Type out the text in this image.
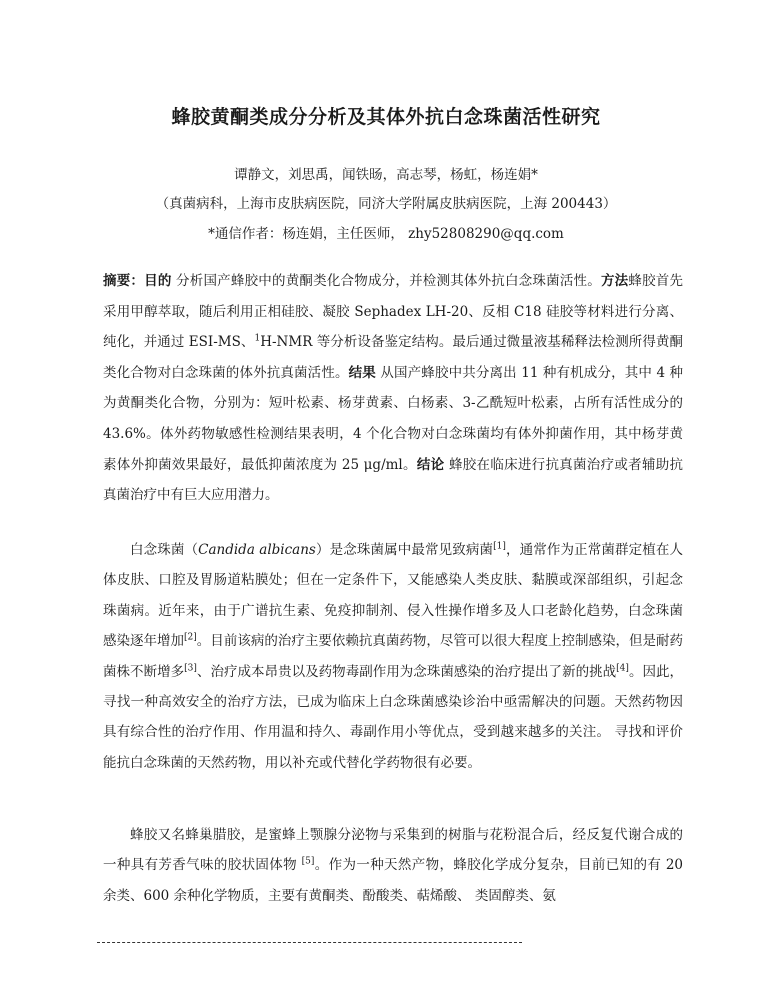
蜂胶黄酮类成分分析及其体外抗白念珠菌活性研究
谭静文，刘思禹，闻铁旸，高志琴，杨虹，杨连娟*
（真菌病科，上海市皮肤病医院，同济大学附属皮肤病医院，上海 200443）
*通信作者：杨连娟，主任医师， zhy52808290@qq.com
摘要：目的 分析国产蜂胶中的黄酮类化合物成分，并检测其体外抗白念珠菌活性。方法蜂胶首先采用甲醇萃取，随后利用正相硅胶、凝胶 Sephadex LH-20、反相 C18 硅胶等材料进行分离、纯化，并通过 ESI-MS、$^1$H-NMR 等分析设备鉴定结构。最后通过微量液基稀释法检测所得黄酮类化合物对白念珠菌的体外抗真菌活性。结果 从国产蜂胶中共分离出 11 种有机成分，其中 4 种为黄酮类化合物，分别为：短叶松素、杨芽黄素、白杨素、3-乙酰短叶松素，占所有活性成分的 43.6%。体外药物敏感性检测结果表明，4 个化合物对白念珠菌均有体外抑菌作用，其中杨芽黄素体外抑菌效果最好，最低抑菌浓度为 25 μg/ml。结论 蜂胶在临床进行抗真菌治疗或者辅助抗真菌治疗中有巨大应用潜力。
白念珠菌（Candida albicans）是念珠菌属中最常见致病菌[1]，通常作为正常菌群定植在人体皮肤、口腔及胃肠道粘膜处；但在一定条件下，又能感染人类皮肤、黏膜或深部组织，引起念珠菌病。近年来，由于广谱抗生素、免疫抑制剂、侵入性操作增多及人口老龄化趋势，白念珠菌感染逐年增加[2]。目前该病的治疗主要依赖抗真菌药物，尽管可以很大程度上控制感染，但是耐药菌株不断增多[3]、治疗成本昂贵以及药物毒副作用为念珠菌感染的治疗提出了新的挑战[4]。因此，寻找一种高效安全的治疗方法，已成为临床上白念珠菌感染诊治中亟需解决的问题。天然药物因具有综合性的治疗作用、作用温和持久、毒副作用小等优点，受到越来越多的关注。 寻找和评价能抗白念珠菌的天然药物，用以补充或代替化学药物很有必要。
蜂胶又名蜂巢腊胶，是蜜蜂上颚腺分泌物与采集到的树脂与花粉混合后，经反复代谢合成的一种具有芳香气味的胶状固体物 [5]。作为一种天然产物，蜂胶化学成分复杂，目前已知的有 20 余类、600 余种化学物质，主要有黄酮类、酚酸类、萜烯酸、 类固醇类、氨
